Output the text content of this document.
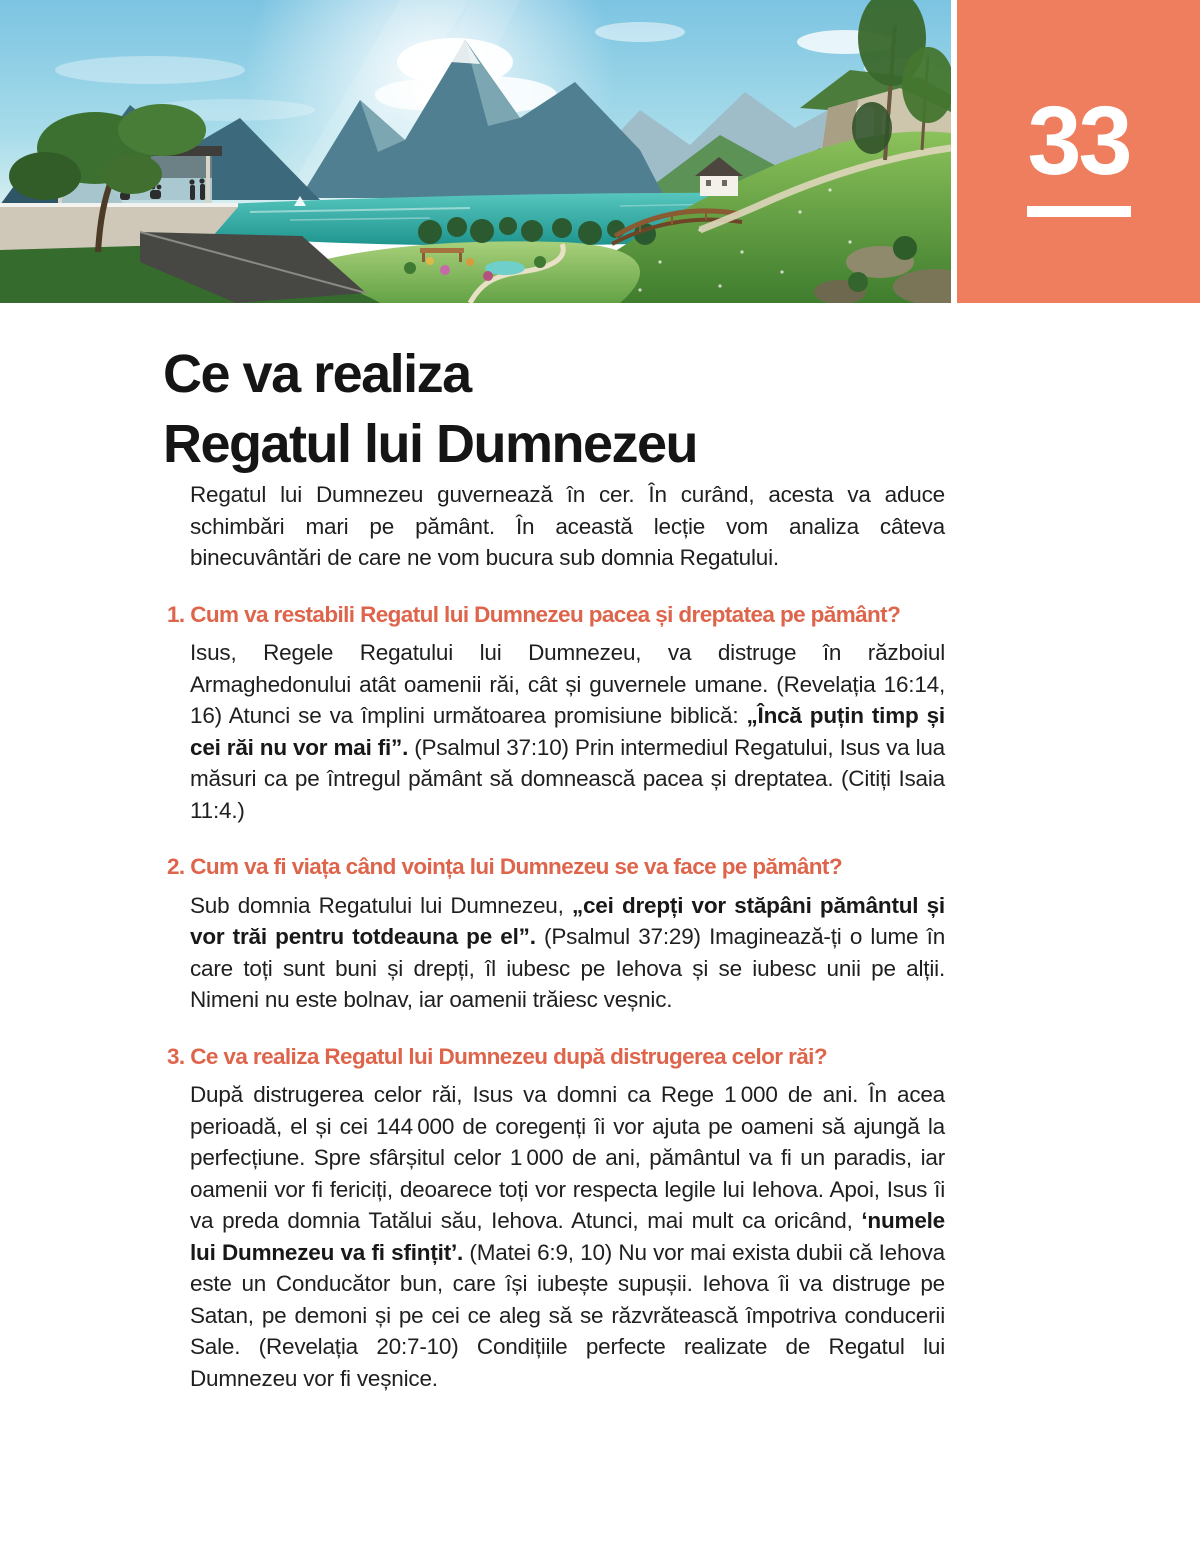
33
Ce va realiza
Regatul lui Dumnezeu

Regatul lui Dumnezeu guvernează în cer. În curând, acesta va aduce schimbări mari pe pământ. În această lecție vom analiza câteva binecuvântări de care ne vom bucura sub domnia Regatului.

1. Cum va restabili Regatul lui Dumnezeu pacea și dreptatea pe pământ?

Isus, Regele Regatului lui Dumnezeu, va distruge în războiul Armaghedonului atât oamenii răi, cât și guvernele umane. (Revelația 16:14, 16) Atunci se va împlini următoarea promisiune biblică: „Încă puțin timp și cei răi nu vor mai fi”. (Psalmul 37:10) Prin intermediul Regatului, Isus va lua măsuri ca pe întregul pământ să domnească pacea și dreptatea. (Citiți Isaia 11:4.)

2. Cum va fi viața când voința lui Dumnezeu se va face pe pământ?

Sub domnia Regatului lui Dumnezeu, „cei drepți vor stăpâni pământul și vor trăi pentru totdeauna pe el”. (Psalmul 37:29) Imaginează-ți o lume în care toți sunt buni și drepți, îl iubesc pe Iehova și se iubesc unii pe alții. Nimeni nu este bolnav, iar oamenii trăiesc veșnic.

3. Ce va realiza Regatul lui Dumnezeu după distrugerea celor răi?

După distrugerea celor răi, Isus va domni ca Rege 1 000 de ani. În acea perioadă, el și cei 144 000 de coregenți îi vor ajuta pe oameni să ajungă la perfecțiune. Spre sfârșitul celor 1 000 de ani, pământul va fi un paradis, iar oamenii vor fi fericiți, deoarece toți vor respecta legile lui Iehova. Apoi, Isus îi va preda domnia Tatălui său, Iehova. Atunci, mai mult ca oricând, ‘numele lui Dumnezeu va fi sfințit’. (Matei 6:9, 10) Nu vor mai exista dubii că Iehova este un Conducător bun, care își iubește supușii. Iehova îi va distruge pe Satan, pe demoni și pe cei ce aleg să se răzvrătească împotriva conducerii Sale. (Revelația 20:7-10) Condițiile perfecte realizate de Regatul lui Dumnezeu vor fi veșnice.
